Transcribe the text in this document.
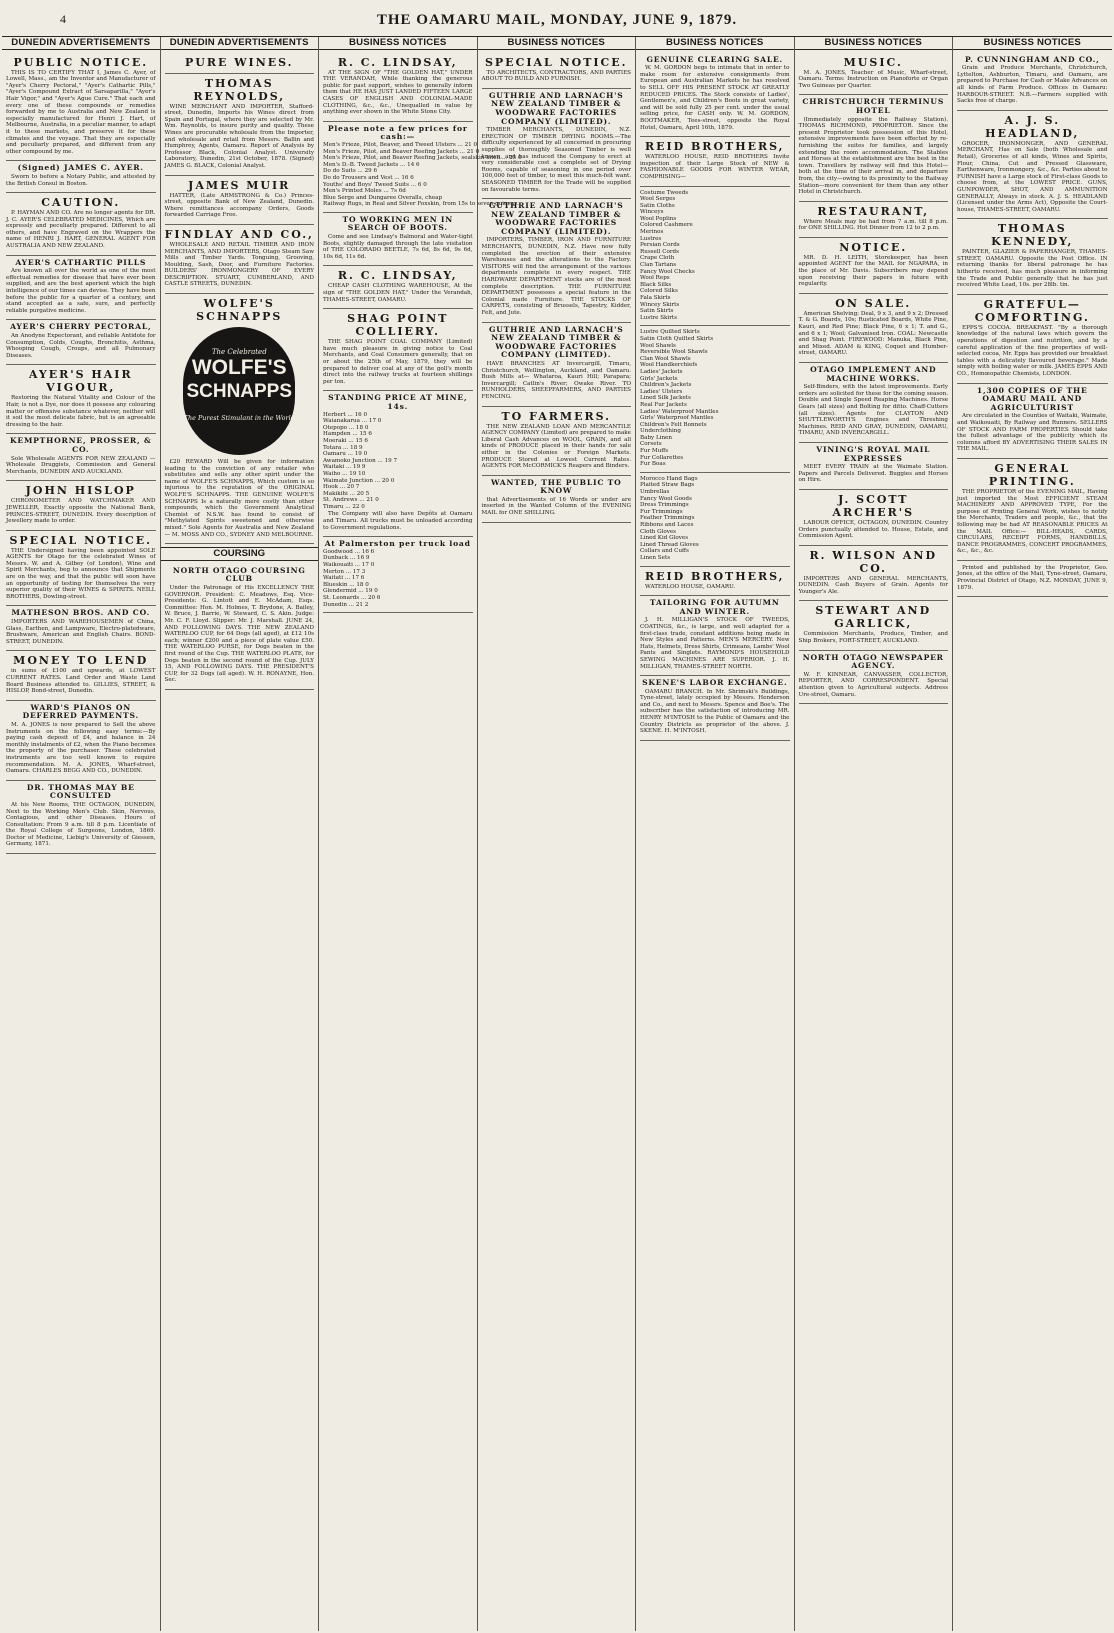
4	THE OAMARU MAIL, MONDAY, JUNE 9, 1879.
DUNEDIN ADVERTISEMENTS
PUBLIC NOTICE.

THIS IS TO CERTIFY THAT I, James C. Ayer, of Lowell, Mass., am the Inventor and Manufacturer of "Ayer's Cherry Pectoral," "Ayer's Cathartic Pills," "Ayer's Compound Extract of Sarsaparilla," "Ayer's Hair Vigor," and "Ayer's Ague Cure." That each and every one of these compounds or remedies forwarded by me to Australia and New Zealand is especially manufactured for Henri J. Hart, of Melbourne, Australia, in a peculiar manner, to adapt it to these markets, and preserve it for these climates and the voyage. That they are especially and peculiarly prepared, and different from any other compound by me.

(Signed) JAMES C. AYER.

Sworn to before a Notary Public, and attested by the British Consul in Boston.

CAUTION.

P. HAYMAN AND CO. Are no longer agents for DR. J. C. AYER'S CELEBRATED MEDICINES, Which are expressly and peculiarly prepared. Different to all others, and have Engraved on the Wrappers the name of HENRI J. HART, GENERAL AGENT FOR AUSTRALIA AND NEW ZEALAND.

AYER'S CATHARTIC PILLS

Are known all over the world as one of the most effectual remedies for disease that have ever been supplied, and are the best aperient which the high intelligence of our times can devise. They have been before the public for a quarter of a century, and stand accepted as a safe, sure, and perfectly reliable purgative medicine.

AYER'S CHERRY PECTORAL,

An Anodyne Expectorant, and reliable Antidote for Consumption, Colds, Coughs, Bronchitis, Asthma, Whooping Cough, Croups, and all Pulmonary Diseases.

AYER'S HAIR VIGOUR,

Restoring the Natural Vitality and Colour of the Hair, is not a Dye, nor does it possess any colouring matter or offensive substance whatever, neither will it soil the most delicate fabric, but is an agreeable dressing to the hair.

KEMPTHORNE, PROSSER, & CO.

Sole Wholesale AGENTS FOR NEW ZEALAND — Wholesale Druggists, Commission and General Merchants, DUNEDIN AND AUCKLAND.

JOHN HISLOP

CHRONOMETER AND WATCHMAKER AND JEWELLER, Exactly opposite the National Bank, PRINCES-STREET, DUNEDIN. Every description of Jewellery made to order.

SPECIAL NOTICE.

THE Undersigned having been appointed SOLE AGENTS for Otago for the celebrated Wines of Messrs. W. and A. Gilbey (of London), Wine and Spirit Merchants, beg to announce that Shipments are on the way, and that the public will soon have an opportunity of testing for themselves the very superior quality of their WINES & SPIRITS. NEILL BROTHERS, Dowling-street.

MATHESON BROS. AND CO.

IMPORTERS AND WAREHOUSEMEN of China, Glass, Earthen, and Lampware, Electro-platedware, Brushware, American and English Chairs. BOND-STREET, DUNEDIN.

MONEY TO LEND

in sums of £100 and upwards, at LOWEST CURRENT RATES. Land Order and Waste Land Board Business attended to. GILLIES, STREET, & HISLOP, Bond-street, Dunedin.

WARD'S PIANOS ON DEFERRED PAYMENTS.

M. A. JONES is now prepared to Sell the above Instruments on the following easy terms:—By paying cash deposit of £4, and balance in 24 monthly instalments of £2, when the Piano becomes the property of the purchaser. These celebrated instruments are too well known to require recommendation. M. A. JONES, Wharf-street, Oamaru. CHARLES BEGG AND CO., DUNEDIN.

DR. THOMAS MAY BE CONSULTED

At his New Rooms, THE OCTAGON, DUNEDIN, Next to the Working Men's Club. Skin, Nervous, Contagious, and other Diseases. Hours of Consultation: From 9 a.m. till 8 p.m. Licentiate of the Royal College of Surgeons, London, 1869. Doctor of Medicine, Liebig's University of Giessen, Germany, 1871.

DUNEDIN ADVERTISEMENTS
PURE WINES.
THOMAS REYNOLDS,

WINE MERCHANT AND IMPORTER, Stafford-street, Dunedin, Imports his Wines direct from Spain and Portugal, where they are selected by Mr. Wm. Reynolds, to insure purity and quality. These Wines are procurable wholesale from the Importer, and wholesale and retail from Messrs. Ballin and Humphrey, Agents, Oamaru. Report of Analysis by Professor Black, Colonial Analyst. University Laboratory, Dunedin, 21st October, 1878. (Signed) JAMES G. BLACK, Colonial Analyst.

JAMES MUIR

HATTER, (Late ARMSTRONG & Co.) Princes-street, opposite Bank of New Zealand, Dunedin. Where remittances accompany Orders, Goods forwarded Carriage Free.

FINDLAY AND CO.,

WHOLESALE AND RETAIL TIMBER AND IRON MERCHANTS, AND IMPORTERS, Otago Steam Saw Mills and Timber Yards. Tonguing, Grooving, Moulding, Sash, Door, and Furniture Factories. BUILDERS' IRONMONGERY OF EVERY DESCRIPTION. STUART, CUMBERLAND, AND CASTLE STREETS, DUNEDIN.

WOLFE'S SCHNAPPS
The Celebrated
WOLFE'S
SCHNAPPS
The Purest Stimulant in the World

£20 REWARD Will be given for information leading to the conviction of any retailer who substitutes and sells any other spirit under the name of WOLFE'S SCHNAPPS, Which custom is so injurious to the reputation of the ORIGINAL WOLFE'S SCHNAPPS. THE GENUINE WOLFE'S SCHNAPPS Is a naturally mere costly than other compounds, which the Government Analytical Chemist of N.S.W. has found to consist of "Methylated Spirits sweetened and otherwise mixed." Sole Agents for Australia and New Zealand — M. MOSS AND CO., SYDNEY AND MELBOURNE.

COURSING
NORTH OTAGO COURSING CLUB

Under the Patronage of His EXCELLENCY THE GOVERNOR. President: C. Meadows, Esq. Vice-Presidents: G. Lintott and E. McAdam, Esqs. Committee: Hon. M. Holmes, T. Brydone, A. Bailey, W. Bruce, J. Barrie, W. Steward, C. S. Akin. Judge: Mr. C. F. Lloyd. Slipper: Mr. J. Marshall. JUNE 24, AND FOLLOWING DAYS. THE NEW ZEALAND WATERLOO CUP, for 64 Dogs (all aged), at £12 10s each; winner £200 and a piece of plate value £50. THE WATERLOO PURSE, for Dogs beaten in the first round of the Cup. THE WATERLOO PLATE, for Dogs beaten in the second round of the Cup. JULY 15, AND FOLLOWING DAYS. THE PRESIDENT'S CUP, for 32 Dogs (all aged). W. H. RONAYNE, Hon. Sec.

BUSINESS NOTICES
R. C. LINDSAY,

AT THE SIGN OF "THE GOLDEN HAT," UNDER THE VERANDAH, While thanking the generous public for past support, wishes to generally inform them that HE HAS JUST LANDED FIFTEEN LARGE CASES OF ENGLISH AND COLONIAL-MADE CLOTHING, &c., &c., Unequalled in value by anything ever shown in the White Stone City.

Please note a few prices for cash:—
Men's Frieze, Pilot, Beaver, and Tweed Ulsters ... 21 0
Men's Frieze, Pilot, and Beaver Reefing Jackets ... 21 0
Men's Frieze, Pilot, and Beaver Reefing Jackets, sealskin lined ... 25 0
Men's D.-B. Tweed Jackets ... 14 6
Do do Suits ... 29 6
Do do Trousers and Vest ... 16 6
Youths' and Boys' Tweed Suits ... 6 0
Men's Printed Moles ... 7s 6d
Blue Serge and Dungaree Overalls, cheap
Railway Rugs, in Real and Silver Foxskin, from 15s to seven guineas.
TO WORKING MEN IN SEARCH OF BOOTS.

Come and see Lindsay's Balmoral and Water-tight Boots, slightly damaged through the late visitation of THE COLORADO BEETLE, 7s 6d, 8s 6d, 9s 6d, 10s 6d, 11s 6d.

R. C. LINDSAY,

CHEAP CASH CLOTHING WAREHOUSE, At the sign of "THE GOLDEN HAT," Under the Verandah, THAMES-STREET, OAMARU.

SHAG POINT COLLIERY.

THE SHAG POINT COAL COMPANY (Limited) have much pleasure in giving notice to Coal Merchants, and Coal Consumers generally, that on or about the 25th of May, 1879, they will be prepared to deliver coal at any of the goll's month direct into the railway trucks at fourteen shillings per ton.

STANDING PRICE AT MINE, 14s.
Herbert ... 16 0
Waianakarua ... 17 0
Otepopo ... 18 0
Hampden ... 15 6
Moeraki ... 15 6
Totara ... 18 9
Oamaru ... 19 0
Awamoko Junction ... 19 7
Waitaki ... 19 9
Waiho ... 19 10
Waimate Junction ... 20 0
Hook ... 20 7
Makikihi ... 20 5
St. Andrews ... 21 0
Timaru ... 22 0

The Company will also have Depôts at Oamaru and Timaru. All trucks must be unloaded according to Government regulations.

At Palmerston per truck load
Goodwood ... 16 6
Dunback ... 16 9
Waikouaiti ... 17 0
Merton ... 17 3
Waitati ... 17 6
Blueskin ... 18 0
Glendermid ... 19 0
St. Leonards ... 20 6
Dunedin ... 21 2
BUSINESS NOTICES
SPECIAL NOTICE.

TO ARCHITECTS, CONTRACTORS, AND PARTIES ABOUT TO BUILD AND FURNISH.

GUTHRIE AND LARNACH'S NEW ZEALAND TIMBER & WOODWARE FACTORIES COMPANY (LIMITED).

TIMBER MERCHANTS, DUNEDIN, N.Z. ERECTION OF TIMBER DRYING ROOMS.—The difficulty experienced by all concerned in procuring supplies of thoroughly Seasoned Timber is well known, and has induced the Company to erect at very considerable cost a complete set of Drying Rooms, capable of seasoning in one period over 100,000 feet of timber, to meet this much-felt want. SEASONED TIMBER for the Trade will be supplied on favourable terms.

GUTHRIE AND LARNACH'S NEW ZEALAND TIMBER & WOODWARE FACTORIES COMPANY (LIMITED).

IMPORTERS, TIMBER, IRON AND FURNITURE MERCHANTS, DUNEDIN, N.Z. Have now fully completed the erection of their extensive Warehouses and the alterations to the Factory. VISITORS will find the arrangement of the various departments complete in every respect. THE HARDWARE DEPARTMENT stocks are of the most complete description. THE FURNITURE DEPARTMENT possesses a special feature in the Colonial made Furniture. THE STOCKS OF CARPETS, consisting of Brussels, Tapestry, Kidder, Felt, and Jute.

GUTHRIE AND LARNACH'S NEW ZEALAND TIMBER & WOODWARE FACTORIES COMPANY (LIMITED).

HAVE BRANCHES AT Invercargill, Timaru, Christchurch, Wellington, Auckland, and Oamaru. Bush Mills at— Whataroa, Kauri Hill; Parapara; Invercargill; Catlin's River; Owake River. TO RUNHOLDERS, SHEEPFARMERS, AND PARTIES FENCING.

TO FARMERS.

THE NEW ZEALAND LOAN AND MERCANTILE AGENCY COMPANY (Limited) are prepared to make Liberal Cash Advances on WOOL, GRAIN, and all kinds of PRODUCE placed in their hands for sale either in the Colonies or Foreign Markets. PRODUCE Stored at Lowest Current Rates. AGENTS FOR McCORMICK'S Reapers and Binders.

WANTED, THE PUBLIC TO KNOW

that Advertisements of 16 Words or under are inserted in the Wanted Column of the EVENING MAIL for ONE SHILLING.

BUSINESS NOTICES
GENUINE CLEARING SALE.

W. M. GORDON begs to intimate that in order to make room for extensive consignments from European and Australian Markets he has resolved to SELL OFF HIS PRESENT STOCK AT GREATLY REDUCED PRICES. The Stock consists of Ladies', Gentlemen's, and Children's Boots in great variety, and will be sold fully 25 per cent. under the usual selling price, for CASH only. W. M. GORDON, BOOTMAKER, Tees-street, opposite the Royal Hotel, Oamaru, April 16th, 1879.

REID BROTHERS,

WATERLOO HOUSE, REID BROTHERS Invite inspection of their Large Stock of NEW & FASHIONABLE GOODS FOR WINTER WEAR, COMPRISING—

Costume Tweeds
Wool Serges
Satin Cloths
Winceys
Wool Poplins
Colored Cashmere
Merinos
Lustres
Persian Cords
Russell Cords
Crape Cloth
Clan Tartans
Fancy Wool Checks
Wool Reps
Black Silks
Colored Silks
Fala Skirts
Wincey Skirts
Satin Skirts
Lustre Skirts
Lustre Quilted Skirts
Satin Cloth Quilted Skirts
Wool Shawls
Reversible Wool Shawls
Clan Wool Shawls
Wool Handkerchiefs
Ladies' Jackets
Girls' Jackets
Children's Jackets
Ladies' Ulsters
Lined Silk Jackets
Real Fur Jackets
Ladies' Waterproof Mantles
Girls' Waterproof Mantles
Children's Felt Bonnets
Underclothing
Baby Linen
Corsets
Fur Muffs
Fur Collarettes
Fur Boas
Morocco Hand Bags
Plaited Straw Bags
Umbrellas
Fancy Wool Goods
Dress Trimmings
Fur Trimmings
Feather Trimmings
Ribbons and Laces
Cloth Gloves
Lined Kid Gloves
Lined Thread Gloves
Collars and Cuffs
Linen Sets
REID BROTHERS,

WATERLOO HOUSE, OAMARU.

TAILORING FOR AUTUMN AND WINTER.

J. H. MILLIGAN'S STOCK OF TWEEDS, COATINGS, &c., is large, and well adapted for a first-class trade, constant additions being made in New Styles and Patterns. MEN'S MERCERY. New Hats, Helmets, Dress Shirts, Crimeans, Lambs' Wool Pants and Singlets. RAYMOND'S HOUSEHOLD SEWING MACHINES ARE SUPERIOR. J. H. MILLIGAN, THAMES-STREET NORTH.

SKENE'S LABOR EXCHANGE.

OAMARU BRANCH. In Mr. Shrimski's Buildings, Tyne-street, lately occupied by Messrs. Henderson and Co., and next to Messrs. Spence and Boe's. The subscriber has the satisfaction of introducing MR. HENRY M'INTOSH to the Public of Oamaru and the Country Districts as proprietor of the above. J. SKENE. H. M'INTOSH.

BUSINESS NOTICES
MUSIC.

M. A. JONES, Teacher of Music, Wharf-street, Oamaru. Terms: Instruction on Pianoforte or Organ Two Guineas per Quarter.

CHRISTCHURCH TERMINUS HOTEL

(Immediately opposite the Railway Station). THOMAS RICHMOND, PROPRIETOR. Since the present Proprietor took possession of this Hotel, extensive improvements have been effected by re-furnishing the suites for families, and largely extending the room accommodation. The Stables and Horses at the establishment are the best in the town. Travellers by railway will find this Hotel—both at the time of their arrival in, and departure from, the city—owing to its proximity to the Railway Station—more convenient for them than any other Hotel in Christchurch.

RESTAURANT,

Where Meals may be had from 7 a.m. till 8 p.m. for ONE SHILLING. Hot Dinner from 12 to 2 p.m.

NOTICE.

MR. D. H. LEITH, Storekeeper, has been appointed AGENT for the MAIL for NGAPARA, in the place of Mr. Davis. Subscribers may depend upon receiving their papers in future with regularity.

ON SALE.

American Shelving; Deal, 9 x 3, and 9 x 2; Dressed T. & G. Boards, 10s; Rusticated Boards, White Pine, Kauri, and Red Pine; Black Pine, 6 x 1; T. and G., and 6 x 1; Wool; Galvanised Iron. COAL: Newcastle and Shag Point. FIREWOOD: Manuka, Black Pine, and Mixed. ADAM & KING, Coquet and Humber-street, OAMARU.

OTAGO IMPLEMENT AND MACHINE WORKS.

Self-Binders, with the latest improvements. Early orders are solicited for these for the coming season. Double and Single Speed Reaping Machines. Horse Gears (all sizes) and Bolting for ditto. Chaff-Cutters (all sizes). Agents for CLAYTON AND SHUTTLEWORTH'S Engines and Threshing Machines. REID AND GRAY, DUNEDIN, OAMARU, TIMARU, AND INVERCARGILL.

VINING'S ROYAL MAIL EXPRESSES

MEET EVERY TRAIN at the Waimate Station. Papers and Parcels Delivered. Buggies and Horses on Hire.

J. SCOTT ARCHER'S

LABOUR OFFICE, OCTAGON, DUNEDIN. Country Orders punctually attended to. House, Estate, and Commission Agent.

R. WILSON AND CO.

IMPORTERS AND GENERAL MERCHANTS, DUNEDIN. Cash Buyers of Grain. Agents for Younger's Ale.

STEWART AND GARLICK,

Commission Merchants, Produce, Timber, and Ship Brokers, FORT-STREET, AUCKLAND.

NORTH OTAGO NEWSPAPER AGENCY.

W. F. KINNEAR, CANVASSER, COLLECTOR, REPORTER, AND CORRESPONDENT. Special attention given to Agricultural subjects. Address Ure-street, Oamaru.

BUSINESS NOTICES
P. CUNNINGHAM AND CO.,

Grain and Produce Merchants, Christchurch, Lyttelton, Ashburton, Timaru, and Oamaru, are prepared to Purchase for Cash or Make Advances on all kinds of Farm Produce. Offices in Oamaru: HARBOUR-STREET. N.B.—Farmers supplied with Sacks free of charge.

A. J. S. HEADLAND,

GROCER, IRONMONGER, AND GENERAL MERCHANT, Has on Sale (both Wholesale and Retail), Groceries of all kinds, Wines and Spirits, Flour, China, Cut and Pressed Glassware, Earthenware, Ironmongery, &c., &c. Parties about to FURNISH have a Large stock of First-class Goods to choose from, at the LOWEST PRICE. GUNS, GUNPOWDER, SHOT, AND AMMUNITION GENERALLY, Always in stock. A. J. S. HEADLAND (Licensed under the Arms Act), Opposite the Court-house, THAMES-STREET, OAMARU.

THOMAS KENNEDY,

PAINTER, GLAZIER & PAPERHANGER, THAMES-STREET, OAMARU. Opposite the Post Office. IN returning thanks for liberal patronage he has hitherto received, has much pleasure in informing the Trade and Public generally that he has just received White Lead, 10s. per 28lb. tin.

GRATEFUL—COMFORTING.

EPPS'S COCOA. BREAKFAST. "By a thorough knowledge of the natural laws which govern the operations of digestion and nutrition, and by a careful application of the fine properties of well-selected cocoa, Mr. Epps has provided our breakfast tables with a delicately flavoured beverage." Made simply with boiling water or milk. JAMES EPPS AND CO., Homœopathic Chemists, LONDON.

1,300 COPIES OF THE OAMARU MAIL AND AGRICULTURIST

Are circulated in the Counties of Waitaki, Waimate, and Waikouaiti, By Railway and Runners. SELLERS OF STOCK AND FARM PROPERTIES Should take the fullest advantage of the publicity which its columns afford BY ADVERTISING THEIR SALES IN THE MAIL.

GENERAL PRINTING.

THE PROPRIETOR of the EVENING MAIL, Having just imported the Most EFFICIENT STEAM MACHINERY AND APPROVED TYPE, For the purpose of Printing General Work, wishes to notify the Merchants, Traders and people, &c., that the following may be had AT REASONABLE PRICES At the MAIL Office:— BILL-HEADS, CARDS, CIRCULARS, RECEIPT FORMS, HANDBILLS, DANCE PROGRAMMES, CONCERT PROGRAMMES, &c., &c., &c.

Printed and published by the Proprietor, Geo. Jones, at the office of the Mail, Tyne-street, Oamaru, Provincial District of Otago, N.Z. MONDAY, JUNE 9, 1879.
